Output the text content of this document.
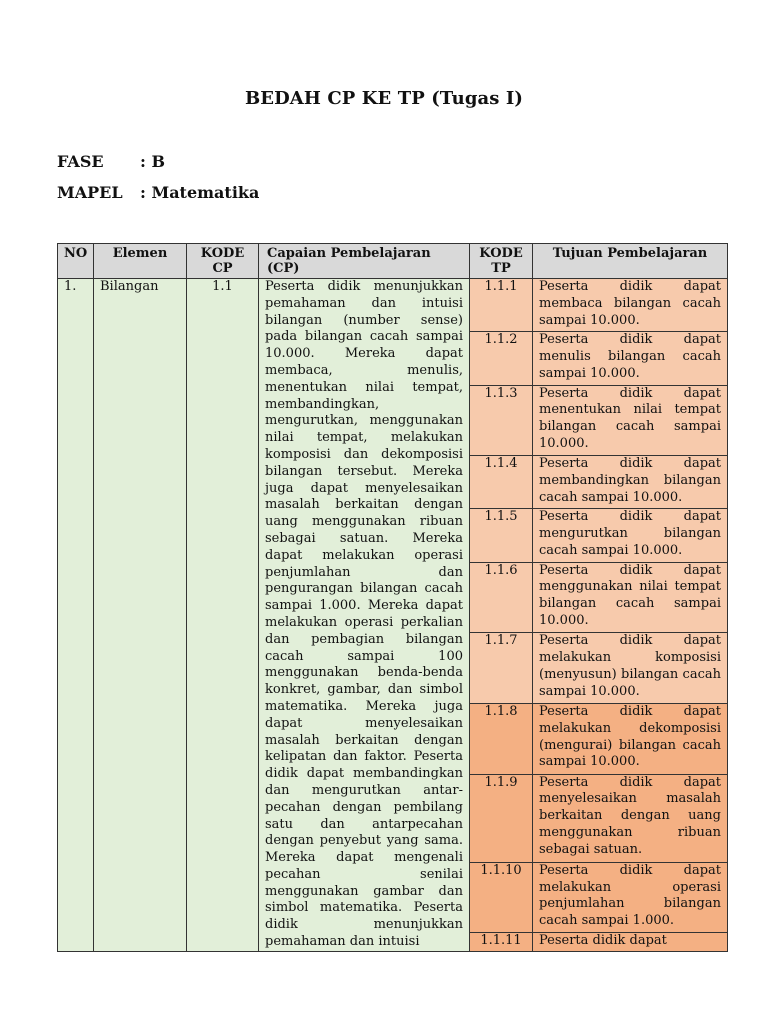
BEDAH CP KE TP (Tugas I)
FASE : B
MAPEL : Matematika
NO	Elemen	KODE CP	Capaian Pembelajaran (CP)	KODE TP	Tujuan Pembelajaran
1.	Bilangan	1.1	Peserta didik menunjukkan pemahaman dan intuisi bilangan (number sense) pada bilangan cacah sampai 10.000. Mereka dapat membaca, menulis, menentukan nilai tempat, membandingkan, mengurutkan, menggunakan nilai tempat, melakukan komposisi dan dekomposisi bilangan tersebut. Mereka juga dapat menyelesaikan masalah berkaitan dengan uang menggunakan ribuan sebagai satuan. Mereka dapat melakukan operasi penjumlahan dan pengurangan bilangan cacah sampai 1.000. Mereka dapat melakukan operasi perkalian dan pembagian bilangan cacah sampai 100 menggunakan benda-benda konkret, gambar, dan simbol matematika. Mereka juga dapat menyelesaikan masalah berkaitan dengan kelipatan dan faktor. Peserta didik dapat membandingkan dan mengurutkan antar-pecahan dengan pembilang satu dan antarpecahan dengan penyebut yang sama. Mereka dapat mengenali pecahan senilai menggunakan gambar dan simbol matematika. Peserta didik menunjukkan pemahaman dan intuisi	1.1.1	Peserta didik dapat membaca bilangan cacah sampai 10.000.
				1.1.2	Peserta didik dapat menulis bilangan cacah sampai 10.000.
				1.1.3	Peserta didik dapat menentukan nilai tempat bilangan cacah sampai 10.000.
				1.1.4	Peserta didik dapat membandingkan bilangan cacah sampai 10.000.
				1.1.5	Peserta didik dapat mengurutkan bilangan cacah sampai 10.000.
				1.1.6	Peserta didik dapat menggunakan nilai tempat bilangan cacah sampai 10.000.
				1.1.7	Peserta didik dapat melakukan komposisi (menyusun) bilangan cacah sampai 10.000.
				1.1.8	Peserta didik dapat melakukan dekomposisi (mengurai) bilangan cacah sampai 10.000.
				1.1.9	Peserta didik dapat menyelesaikan masalah berkaitan dengan uang menggunakan ribuan sebagai satuan.
				1.1.10	Peserta didik dapat melakukan operasi penjumlahan bilangan cacah sampai 1.000.
				1.1.11	Peserta didik dapat
